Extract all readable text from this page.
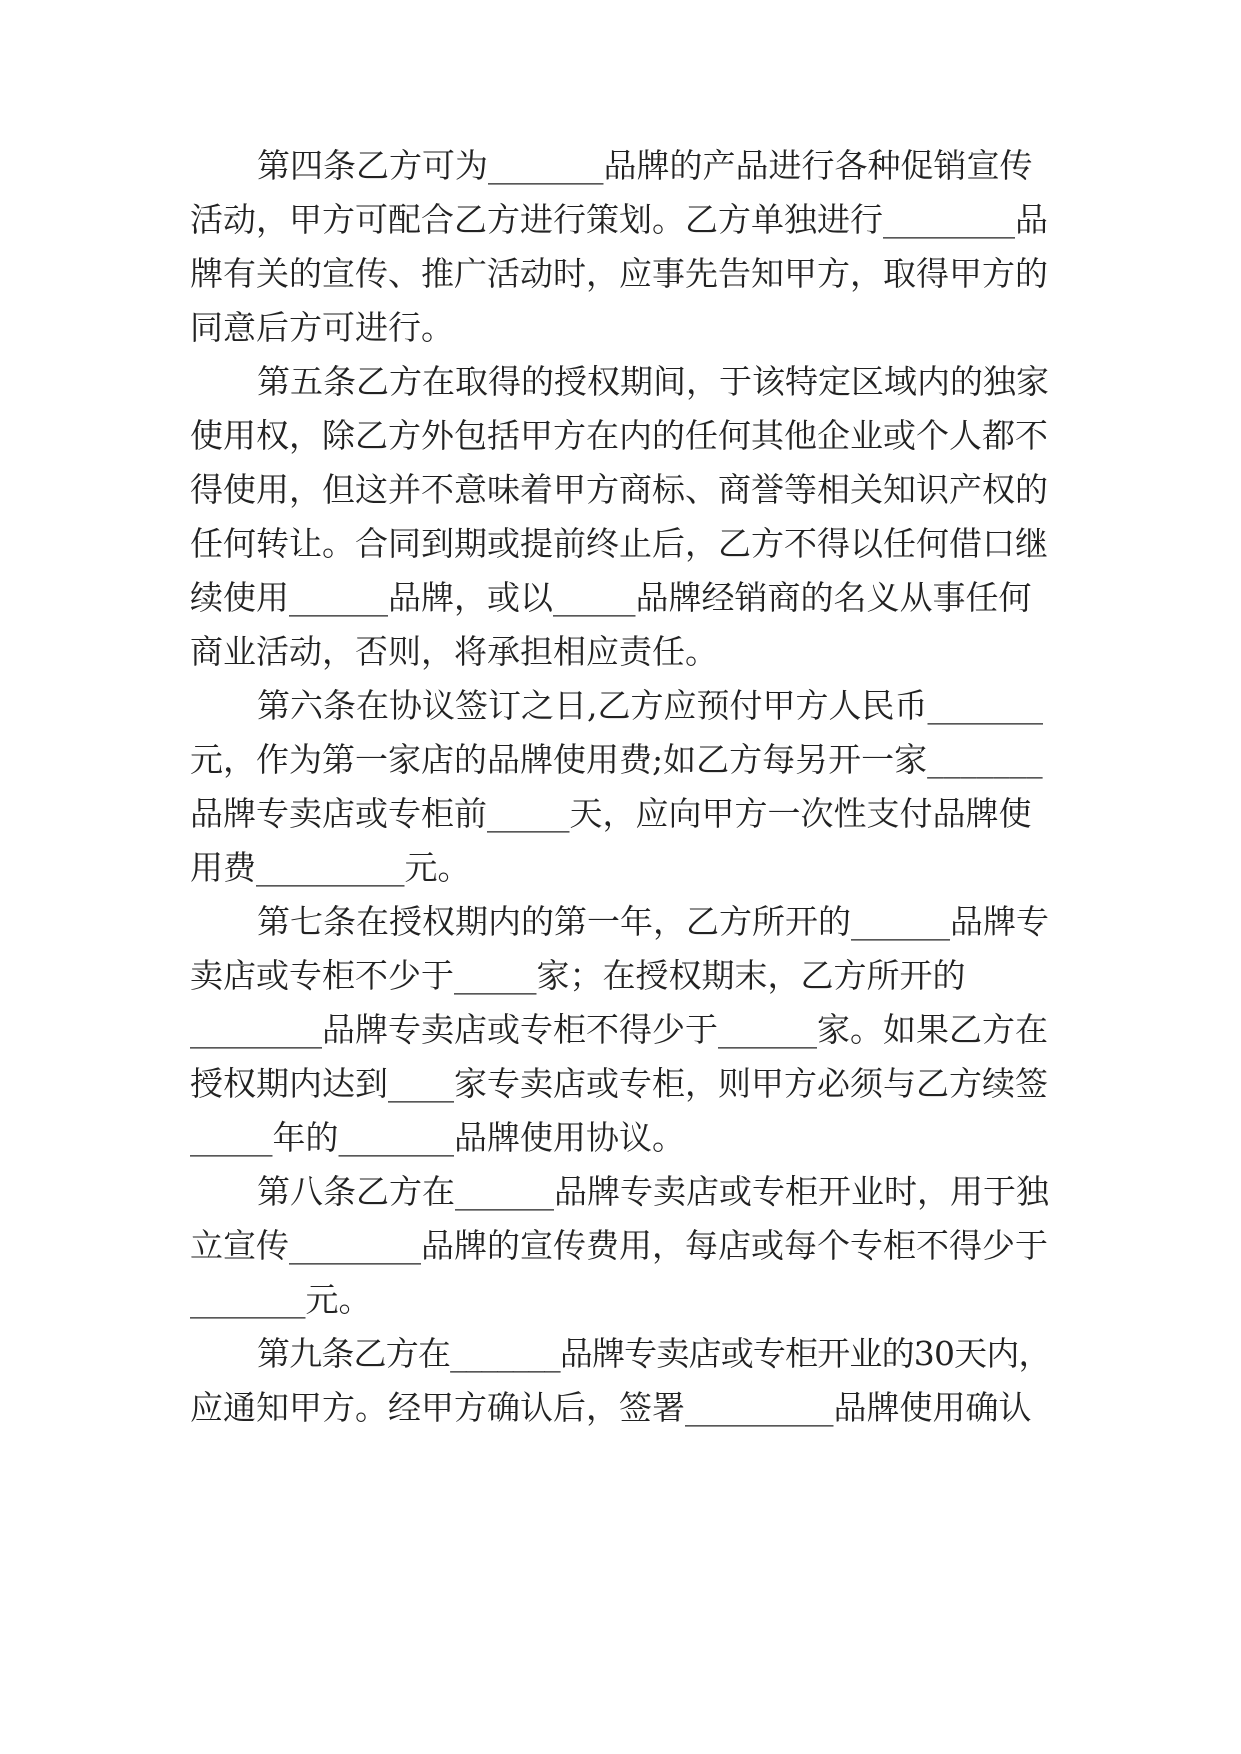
第四条乙方可为_______品牌的产品进行各种促销宣传
活动，甲方可配合乙方进行策划。乙方单独进行________品
牌有关的宣传、推广活动时，应事先告知甲方，取得甲方的
同意后方可进行。
第五条乙方在取得的授权期间，于该特定区域内的独家
使用权，除乙方外包括甲方在内的任何其他企业或个人都不
得使用，但这并不意味着甲方商标、商誉等相关知识产权的
任何转让。合同到期或提前终止后，乙方不得以任何借口继
续使用______品牌，或以_____品牌经销商的名义从事任何
商业活动，否则，将承担相应责任。
第六条在协议签订之日,乙方应预付甲方人民币_______
元，作为第一家店的品牌使用费;如乙方每另开一家_______
品牌专卖店或专柜前_____天，应向甲方一次性支付品牌使
用费_________元。
第七条在授权期内的第一年，乙方所开的______品牌专
卖店或专柜不少于_____家；在授权期末，乙方所开的
________品牌专卖店或专柜不得少于______家。如果乙方在
授权期内达到____家专卖店或专柜，则甲方必须与乙方续签
_____年的_______品牌使用协议。
第八条乙方在______品牌专卖店或专柜开业时，用于独
立宣传________品牌的宣传费用，每店或每个专柜不得少于
_______元。
第九条乙方在_______品牌专卖店或专柜开业的30天内，
应通知甲方。经甲方确认后，签署_________品牌使用确认
